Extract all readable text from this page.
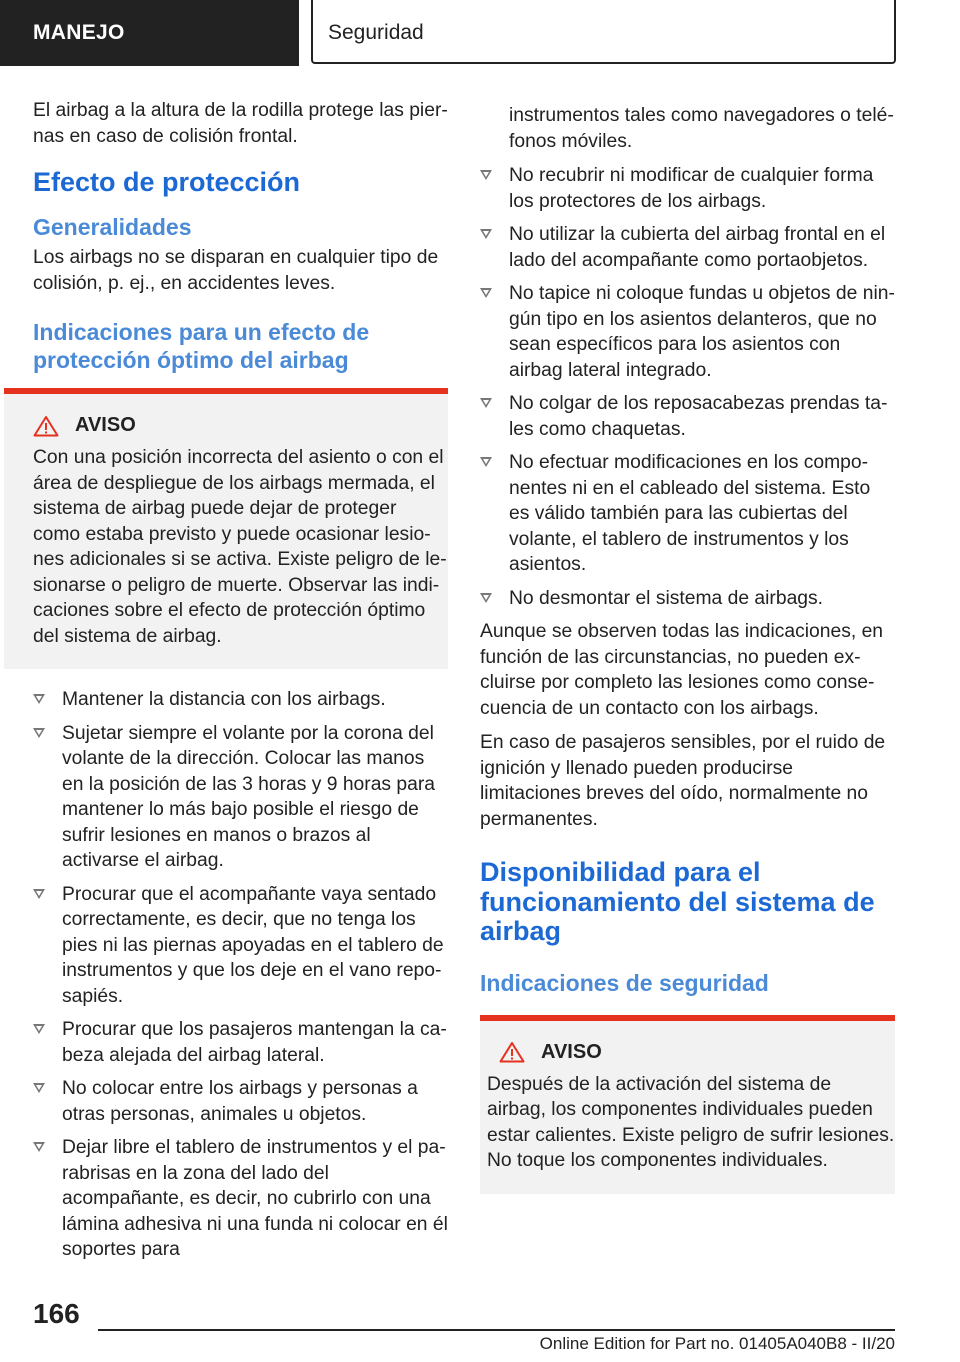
MANEJO	Seguridad

El airbag a la altura de la rodilla protege las piernas en caso de colisión frontal.

Efecto de protección
Generalidades

Los airbags no se disparan en cualquier tipo de colisión, p. ej., en accidentes leves.

Indicaciones para un efecto de protección óptimo del airbag
AVISO

Con una posición incorrecta del asiento o con el área de despliegue de los airbags mermada, el sistema de airbag puede dejar de proteger como estaba previsto y puede ocasionar lesiones adicionales si se activa. Existe peligro de lesionarse o peligro de muerte. Observar las indicaciones sobre el efecto de protección óptimo del sistema de airbag.

Mantener la distancia con los airbags.
Sujetar siempre el volante por la corona del volante de la dirección. Colocar las manos en la posición de las 3 horas y 9 horas para mantener lo más bajo posible el riesgo de sufrir lesiones en manos o brazos al activarse el airbag.
Procurar que el acompañante vaya sentado correctamente, es decir, que no tenga los pies ni las piernas apoyadas en el tablero de instrumentos y que los deje en el vano reposapiés.
Procurar que los pasajeros mantengan la cabeza alejada del airbag lateral.
No colocar entre los airbags y personas a otras personas, animales u objetos.
Dejar libre el tablero de instrumentos y el parabrisas en la zona del lado del acompañante, es decir, no cubrirlo con una lámina adhesiva ni una funda ni colocar en él soportes para

instrumentos tales como navegadores o teléfonos móviles.

No recubrir ni modificar de cualquier forma los protectores de los airbags.
No utilizar la cubierta del airbag frontal en el lado del acompañante como portaobjetos.
No tapice ni coloque fundas u objetos de ningún tipo en los asientos delanteros, que no sean específicos para los asientos con airbag lateral integrado.
No colgar de los reposacabezas prendas tales como chaquetas.
No efectuar modificaciones en los componentes ni en el cableado del sistema. Esto es válido también para las cubiertas del volante, el tablero de instrumentos y los asientos.
No desmontar el sistema de airbags.

Aunque se observen todas las indicaciones, en función de las circunstancias, no pueden excluirse por completo las lesiones como consecuencia de un contacto con los airbags.

En caso de pasajeros sensibles, por el ruido de ignición y llenado pueden producirse limitaciones breves del oído, normalmente no permanentes.

Disponibilidad para el funcionamiento del sistema de airbag
Indicaciones de seguridad
AVISO

Después de la activación del sistema de airbag, los componentes individuales pueden estar calientes. Existe peligro de sufrir lesiones. No toque los componentes individuales.

166
Online Edition for Part no. 01405A040B8 - II/20
